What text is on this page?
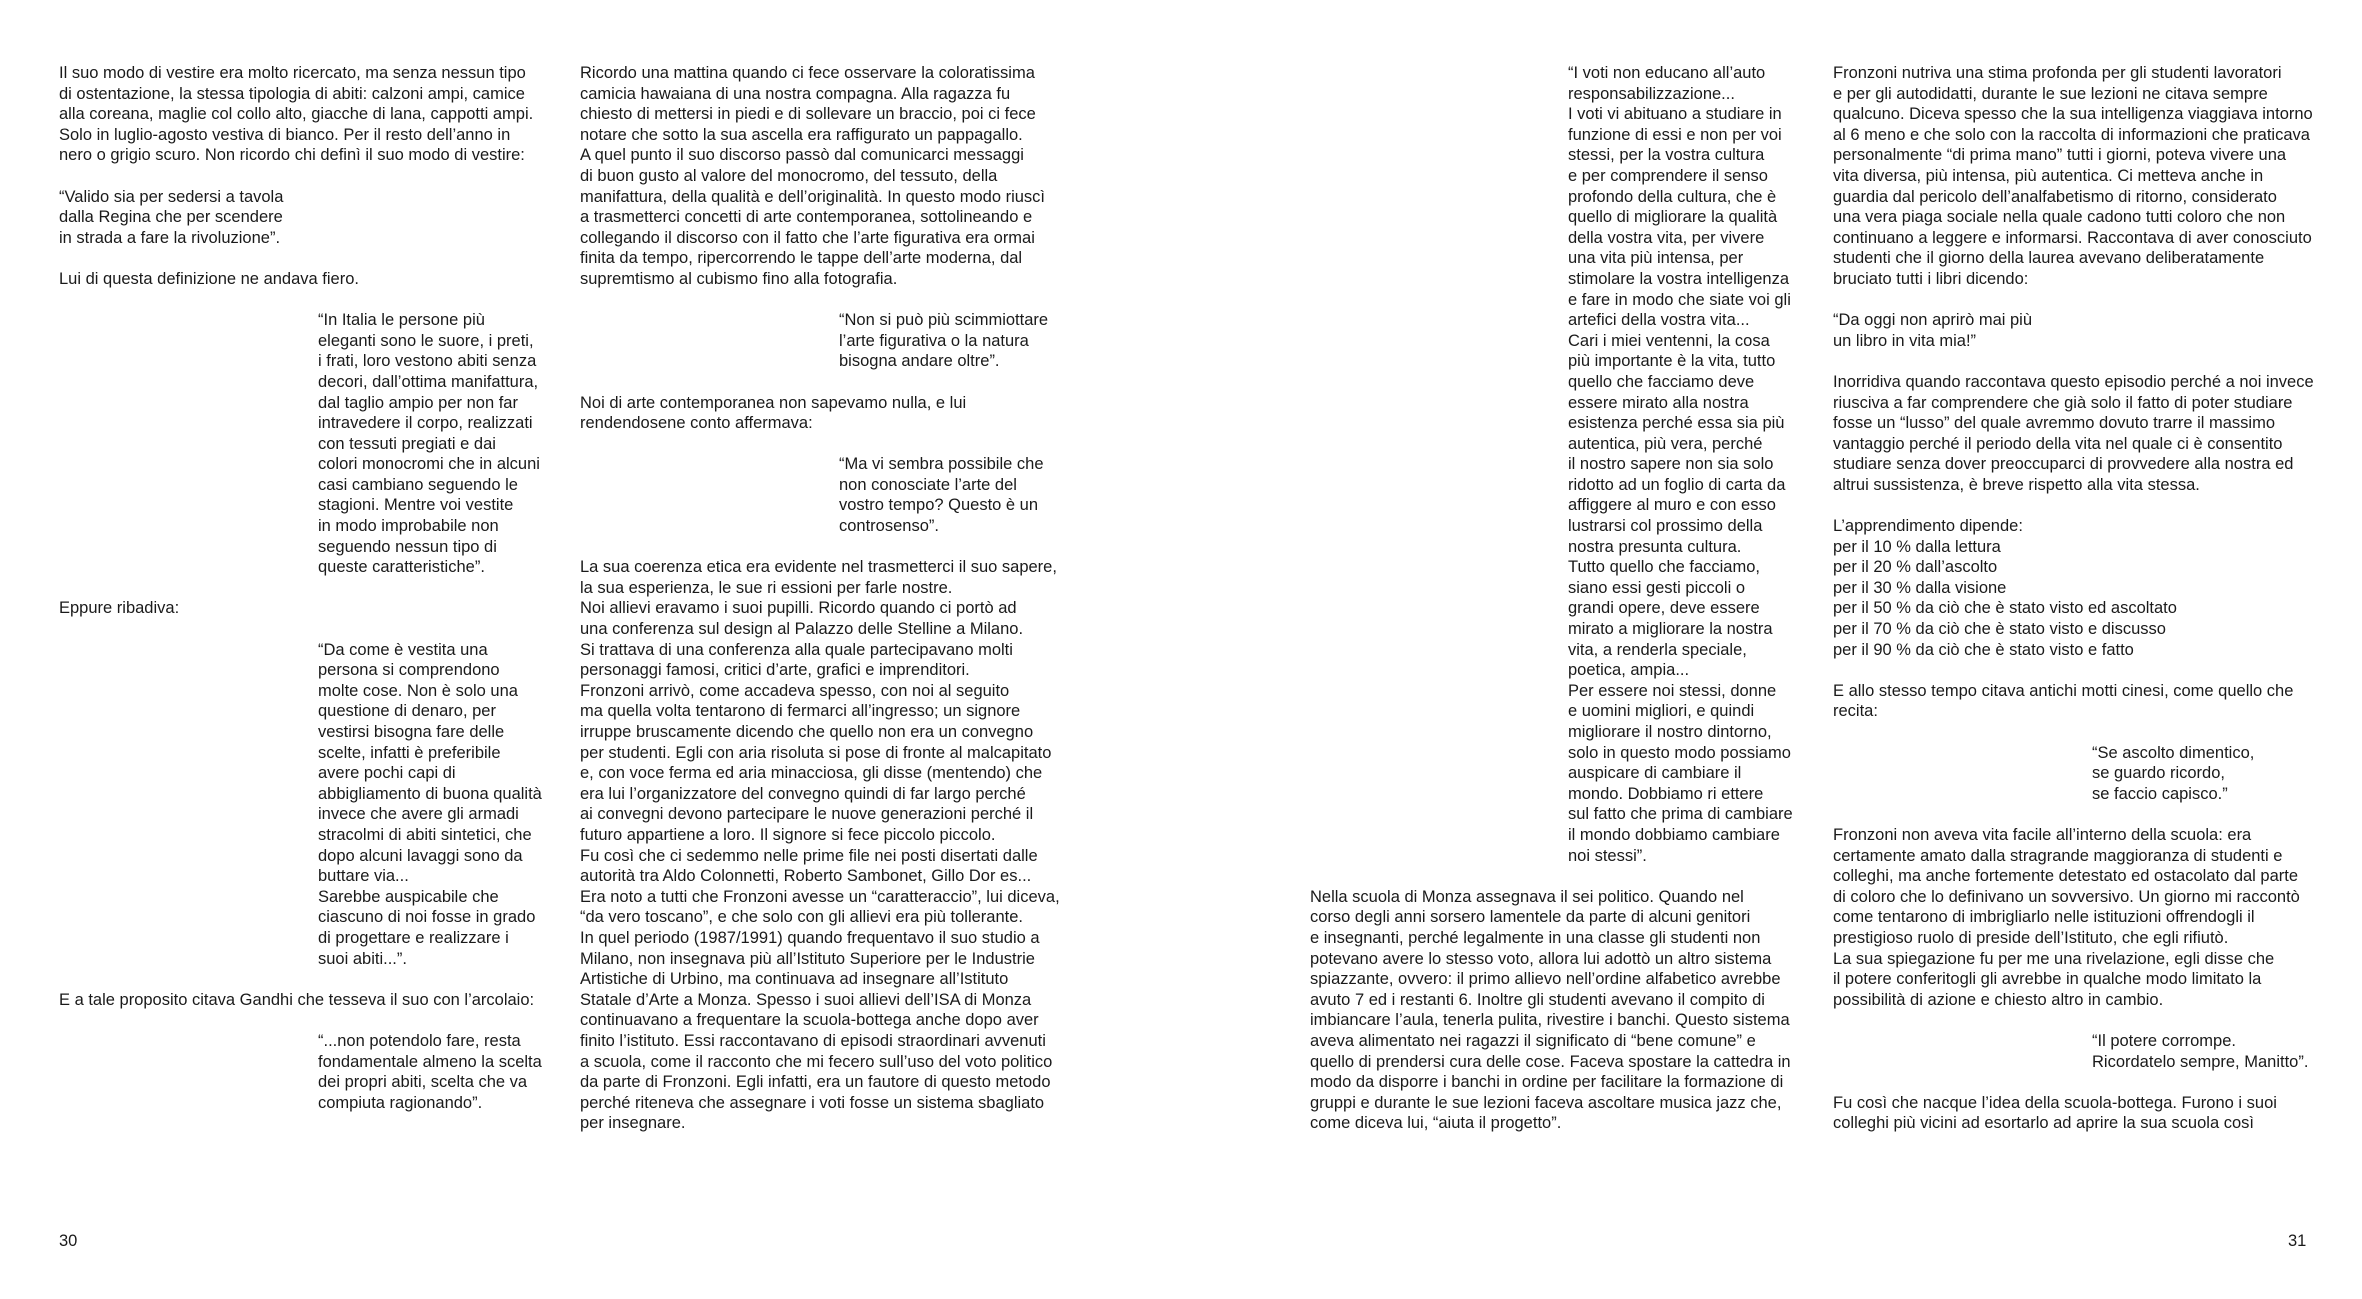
Il suo modo di vestire era molto ricercato, ma senza nessun tipo
di ostentazione, la stessa tipologia di abiti: calzoni ampi, camice
alla coreana, maglie col collo alto, giacche di lana, cappotti ampi.
Solo in luglio-agosto vestiva di bianco. Per il resto dell’anno in
nero o grigio scuro. Non ricordo chi definì il suo modo di vestire:

“Valido sia per sedersi a tavola
dalla Regina che per scendere
in strada a fare la rivoluzione”.

Lui di questa definizione ne andava fiero.

“In Italia le persone più
eleganti sono le suore, i preti,
i frati, loro vestono abiti senza
decori, dall’ottima manifattura,
dal taglio ampio per non far
intravedere il corpo, realizzati
con tessuti pregiati e dai
colori monocromi che in alcuni
casi cambiano seguendo le
stagioni. Mentre voi vestite
in modo improbabile non
seguendo nessun tipo di
queste caratteristiche”.

Eppure ribadiva:

“Da come è vestita una
persona si comprendono
molte cose. Non è solo una
questione di denaro, per
vestirsi bisogna fare delle
scelte, infatti è preferibile
avere pochi capi di
abbigliamento di buona qualità
invece che avere gli armadi
stracolmi di abiti sintetici, che
dopo alcuni lavaggi sono da
buttare via...
Sarebbe auspicabile che
ciascuno di noi fosse in grado
di progettare e realizzare i
suoi abiti...”.

E a tale proposito citava Gandhi che tesseva il suo con l’arcolaio:

“...non potendolo fare, resta
fondamentale almeno la scelta
dei propri abiti, scelta che va
compiuta ragionando”.

Ricordo una mattina quando ci fece osservare la coloratissima
camicia hawaiana di una nostra compagna. Alla ragazza fu
chiesto di mettersi in piedi e di sollevare un braccio, poi ci fece
notare che sotto la sua ascella era raffigurato un pappagallo.
A quel punto il suo discorso passò dal comunicarci messaggi
di buon gusto al valore del monocromo, del tessuto, della
manifattura, della qualità e dell’originalità. In questo modo riuscì
a trasmetterci concetti di arte contemporanea, sottolineando e
collegando il discorso con il fatto che l’arte figurativa era ormai
finita da tempo, ripercorrendo le tappe dell’arte moderna, dal
supremtismo al cubismo fino alla fotografia.

“Non si può più scimmiottare
l’arte figurativa o la natura
bisogna andare oltre”.

Noi di arte contemporanea non sapevamo nulla, e lui
rendendosene conto affermava:

“Ma vi sembra possibile che
non conosciate l’arte del
vostro tempo? Questo è un
controsenso”.

La sua coerenza etica era evidente nel trasmetterci il suo sapere,
la sua esperienza, le sue ri essioni per farle nostre.
Noi allievi eravamo i suoi pupilli. Ricordo quando ci portò ad
una conferenza sul design al Palazzo delle Stelline a Milano.
Si trattava di una conferenza alla quale partecipavano molti
personaggi famosi, critici d’arte, grafici e imprenditori.
Fronzoni arrivò, come accadeva spesso, con noi al seguito
ma quella volta tentarono di fermarci all’ingresso; un signore
irruppe bruscamente dicendo che quello non era un convegno
per studenti. Egli con aria risoluta si pose di fronte al malcapitato
e, con voce ferma ed aria minacciosa, gli disse (mentendo) che
era lui l’organizzatore del convegno quindi di far largo perché
ai convegni devono partecipare le nuove generazioni perché il
futuro appartiene a loro. Il signore si fece piccolo piccolo.
Fu così che ci sedemmo nelle prime file nei posti disertati dalle
autorità tra Aldo Colonnetti, Roberto Sambonet, Gillo Dor es...
Era noto a tutti che Fronzoni avesse un “caratteraccio”, lui diceva,
“da vero toscano”, e che solo con gli allievi era più tollerante.
In quel periodo (1987/1991) quando frequentavo il suo studio a
Milano, non insegnava più all’Istituto Superiore per le Industrie
Artistiche di Urbino, ma continuava ad insegnare all’Istituto
Statale d’Arte a Monza. Spesso i suoi allievi dell’ISA di Monza
continuavano a frequentare la scuola-bottega anche dopo aver
finito l’istituto. Essi raccontavano di episodi straordinari avvenuti
a scuola, come il racconto che mi fecero sull’uso del voto politico
da parte di Fronzoni. Egli infatti, era un fautore di questo metodo
perché riteneva che assegnare i voti fosse un sistema sbagliato
per insegnare.

“I voti non educano all’auto
responsabilizzazione...
I voti vi abituano a studiare in
funzione di essi e non per voi
stessi, per la vostra cultura
e per comprendere il senso
profondo della cultura, che è
quello di migliorare la qualità
della vostra vita, per vivere
una vita più intensa, per
stimolare la vostra intelligenza
e fare in modo che siate voi gli
artefici della vostra vita...
Cari i miei ventenni, la cosa
più importante è la vita, tutto
quello che facciamo deve
essere mirato alla nostra
esistenza perché essa sia più
autentica, più vera, perché
il nostro sapere non sia solo
ridotto ad un foglio di carta da
affiggere al muro e con esso
lustrarsi col prossimo della
nostra presunta cultura.
Tutto quello che facciamo,
siano essi gesti piccoli o
grandi opere, deve essere
mirato a migliorare la nostra
vita, a renderla speciale,
poetica, ampia...
Per essere noi stessi, donne
e uomini migliori, e quindi
migliorare il nostro dintorno,
solo in questo modo possiamo
auspicare di cambiare il
mondo. Dobbiamo ri ettere
sul fatto che prima di cambiare
il mondo dobbiamo cambiare
noi stessi”.

Nella scuola di Monza assegnava il sei politico. Quando nel
corso degli anni sorsero lamentele da parte di alcuni genitori
e insegnanti, perché legalmente in una classe gli studenti non
potevano avere lo stesso voto, allora lui adottò un altro sistema
spiazzante, ovvero: il primo allievo nell’ordine alfabetico avrebbe
avuto 7 ed i restanti 6. Inoltre gli studenti avevano il compito di
imbiancare l’aula, tenerla pulita, rivestire i banchi. Questo sistema
aveva alimentato nei ragazzi il significato di “bene comune” e
quello di prendersi cura delle cose. Faceva spostare la cattedra in
modo da disporre i banchi in ordine per facilitare la formazione di
gruppi e durante le sue lezioni faceva ascoltare musica jazz che,
come diceva lui, “aiuta il progetto”.

Fronzoni nutriva una stima profonda per gli studenti lavoratori
e per gli autodidatti, durante le sue lezioni ne citava sempre
qualcuno. Diceva spesso che la sua intelligenza viaggiava intorno
al 6 meno e che solo con la raccolta di informazioni che praticava
personalmente “di prima mano” tutti i giorni, poteva vivere una
vita diversa, più intensa, più autentica. Ci metteva anche in
guardia dal pericolo dell’analfabetismo di ritorno, considerato
una vera piaga sociale nella quale cadono tutti coloro che non
continuano a leggere e informarsi. Raccontava di aver conosciuto
studenti che il giorno della laurea avevano deliberatamente
bruciato tutti i libri dicendo:

“Da oggi non aprirò mai più
un libro in vita mia!”

Inorridiva quando raccontava questo episodio perché a noi invece
riusciva a far comprendere che già solo il fatto di poter studiare
fosse un “lusso” del quale avremmo dovuto trarre il massimo
vantaggio perché il periodo della vita nel quale ci è consentito
studiare senza dover preoccuparci di provvedere alla nostra ed
altrui sussistenza, è breve rispetto alla vita stessa.

L’apprendimento dipende:
per il 10 % dalla lettura
per il 20 % dall’ascolto
per il 30 % dalla visione
per il 50 % da ciò che è stato visto ed ascoltato
per il 70 % da ciò che è stato visto e discusso
per il 90 % da ciò che è stato visto e fatto

E allo stesso tempo citava antichi motti cinesi, come quello che
recita:

“Se ascolto dimentico,
se guardo ricordo,
se faccio capisco.”

Fronzoni non aveva vita facile all’interno della scuola: era
certamente amato dalla stragrande maggioranza di studenti e
colleghi, ma anche fortemente detestato ed ostacolato dal parte
di coloro che lo definivano un sovversivo. Un giorno mi raccontò
come tentarono di imbrigliarlo nelle istituzioni offrendogli il
prestigioso ruolo di preside dell’Istituto, che egli rifiutò.
La sua spiegazione fu per me una rivelazione, egli disse che
il potere conferitogli gli avrebbe in qualche modo limitato la
possibilità di azione e chiesto altro in cambio.

“Il potere corrompe.
Ricordatelo sempre, Manitto”.

Fu così che nacque l’idea della scuola-bottega. Furono i suoi
colleghi più vicini ad esortarlo ad aprire la sua scuola così

30	31
